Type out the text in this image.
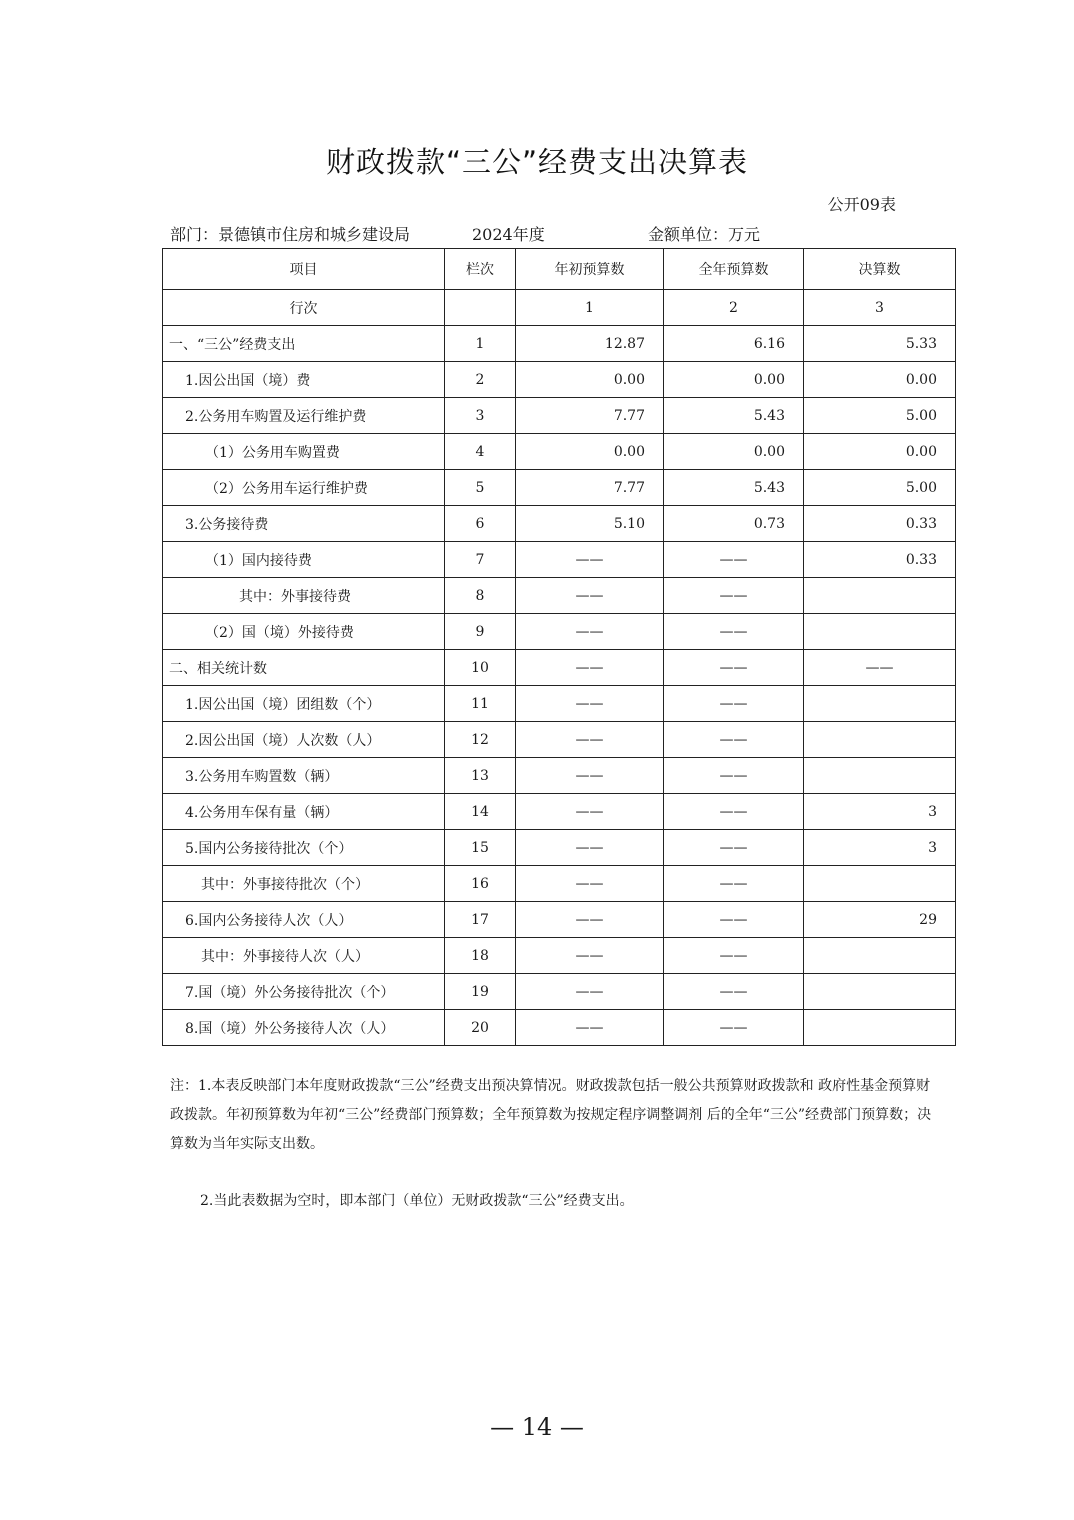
财政拨款“三公”经费支出决算表
公开09表
部门：景德镇市住房和城乡建设局	2024年度	金额单位：万元
项目	栏次	年初预算数	全年预算数	决算数
行次		1	2	3
一、“三公”经费支出	1	12.87	6.16	5.33
1.因公出国（境）费	2	0.00	0.00	0.00
2.公务用车购置及运行维护费	3	7.77	5.43	5.00
（1）公务用车购置费	4	0.00	0.00	0.00
（2）公务用车运行维护费	5	7.77	5.43	5.00
3.公务接待费	6	5.10	0.73	0.33
（1）国内接待费	7	——	——	0.33
其中：外事接待费	8	——	——	
（2）国（境）外接待费	9	——	——	
二、相关统计数	10	——	——	——
1.因公出国（境）团组数（个）	11	——	——	
2.因公出国（境）人次数（人）	12	——	——	
3.公务用车购置数（辆）	13	——	——	
4.公务用车保有量（辆）	14	——	——	3
5.国内公务接待批次（个）	15	——	——	3
其中：外事接待批次（个）	16	——	——	
6.国内公务接待人次（人）	17	——	——	29
其中：外事接待人次（人）	18	——	——	
7.国（境）外公务接待批次（个）	19	——	——	
8.国（境）外公务接待人次（人）	20	——	——	

注：1.本表反映部门本年度财政拨款“三公”经费支出预决算情况。财政拨款包括一般公共预算财政拨款和 政府性基金预算财政拨款。年初预算数为年初“三公”经费部门预算数；全年预算数为按规定程序调整调剂 后的全年“三公”经费部门预算数；决算数为当年实际支出数。

2.当此表数据为空时，即本部门（单位）无财政拨款“三公”经费支出。

— 14 —
